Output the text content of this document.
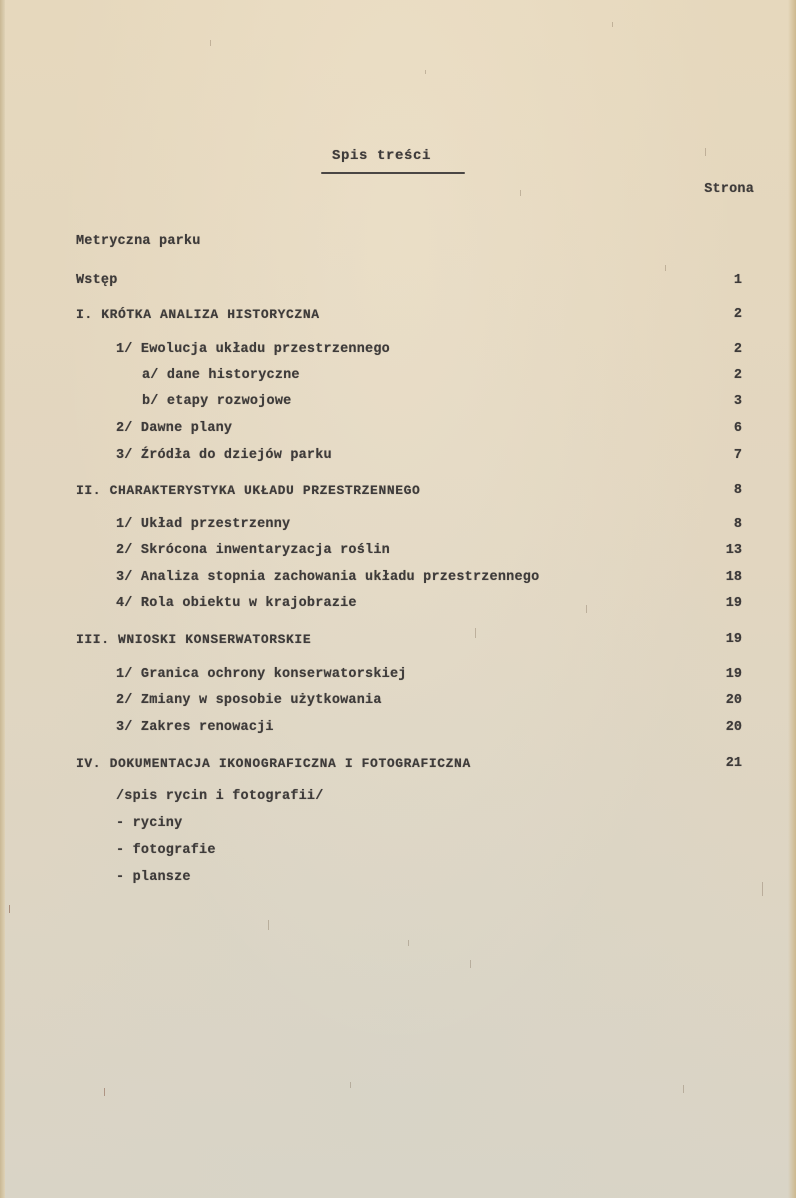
Spis treści
Strona
Metryczna parku
Wstęp	1
I. KRÓTKA ANALIZA HISTORYCZNA	2
1/ Ewolucja układu przestrzennego	2
a/ dane historyczne	2
b/ etapy rozwojowe	3
2/ Dawne plany	6
3/ Źródła do dziejów parku	7
II. CHARAKTERYSTYKA UKŁADU PRZESTRZENNEGO	8
1/ Układ przestrzenny	8
2/ Skrócona inwentaryzacja roślin	13
3/ Analiza stopnia zachowania układu przestrzennego	18
4/ Rola obiektu w krajobrazie	19
III. WNIOSKI KONSERWATORSKIE	19
1/ Granica ochrony konserwatorskiej	19
2/ Zmiany w sposobie użytkowania	20
3/ Zakres renowacji	20
IV. DOKUMENTACJA IKONOGRAFICZNA I FOTOGRAFICZNA	21
/spis rycin i fotografii/
- ryciny
- fotografie
- plansze
